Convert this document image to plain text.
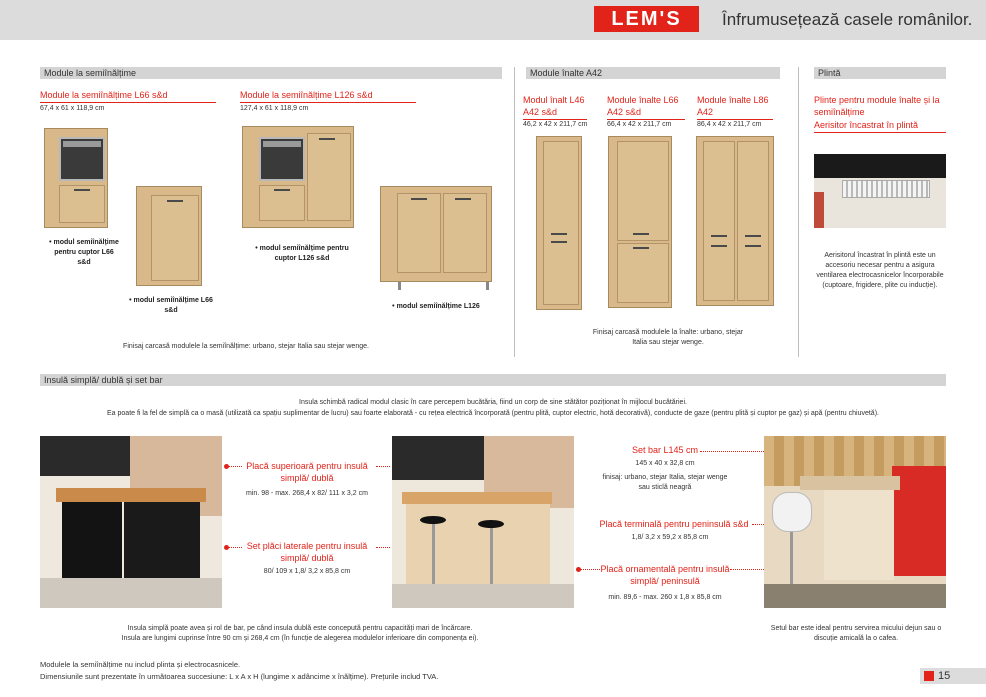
LEM'S	Înfrumusețează casele românilor.
Module la semiînălțime	Module înalte A42	Plintă
Insulă simplă/ dublă și set bar
Module la semiînălțime L66 s&d
67,4 x 61 x 118,9 cm
Module la semiînălțime L126 s&d
127,4 x 61 x 118,9 cm
• modul semiînălțime pentru cuptor L66 s&d
• modul semiînălțime L66 s&d
• modul semiînălțime pentru cuptor L126 s&d
• modul semiînălțime L126
Finisaj carcasă modulele la semiînălțime: urbano, stejar Italia sau stejar wenge.
Modul înalt L46 A42 s&d
46,2 x 42 x 211,7 cm
Module înalte L66 A42 s&d
66,4 x 42 x 211,7 cm
Module înalte L86 A42
86,4 x 42 x 211,7 cm
Finisaj carcasă modulele la înalte: urbano, stejar Italia sau stejar wenge.
Plinte pentru module înalte și la semiînălțime
Aerisitor încastrat în plintă
Aerisitorul încastrat în plintă este un accesoriu necesar pentru a asigura ventilarea electrocasnicelor încorporabile (cuptoare, frigidere, plite cu inducție).
Insula schimbă radical modul clasic în care percepem bucătăria, fiind un corp de sine stătător poziționat în mijlocul bucătăriei.
Ea poate fi la fel de simplă ca o masă (utilizată ca spațiu suplimentar de lucru) sau foarte elaborată - cu rețea electrică încorporată (pentru plită, cuptor electric, hotă decorativă), conducte de gaze (pentru plită și cuptor pe gaz) și apă (pentru chiuvetă).
Placă superioară pentru insulă simplă/ dublă
min. 98 - max. 268,4 x 82/ 111 x 3,2 cm
Set plăci laterale pentru insulă simplă/ dublă
80/ 109 x 1,8/ 3,2 x 85,8 cm
Set bar L145 cm
145 x 40 x 32,8 cm
finisaj: urbano, stejar Italia, stejar wenge sau sticlă neagră
Placă terminală pentru peninsulă s&d
1,8/ 3,2 x 59,2 x 85,8 cm
Placă ornamentală pentru insulă simplă/ peninsulă
min. 89,6 - max. 260 x 1,8 x 85,8 cm
Insula simplă poate avea și rol de bar, pe când insula dublă este concepută pentru capacități mari de încărcare.
Insula are lungimi cuprinse între 90 cm și 268,4 cm (în funcție de alegerea modulelor inferioare din componența ei).
Setul bar este ideal pentru servirea micului dejun sau o discuție amicală la o cafea.
Modulele la semiînălțime nu includ plinta și electrocasnicele.
Dimensiunile sunt prezentate în următoarea succesiune: L x A x H (lungime x adâncime x înălțime). Prețurile includ TVA.	15
